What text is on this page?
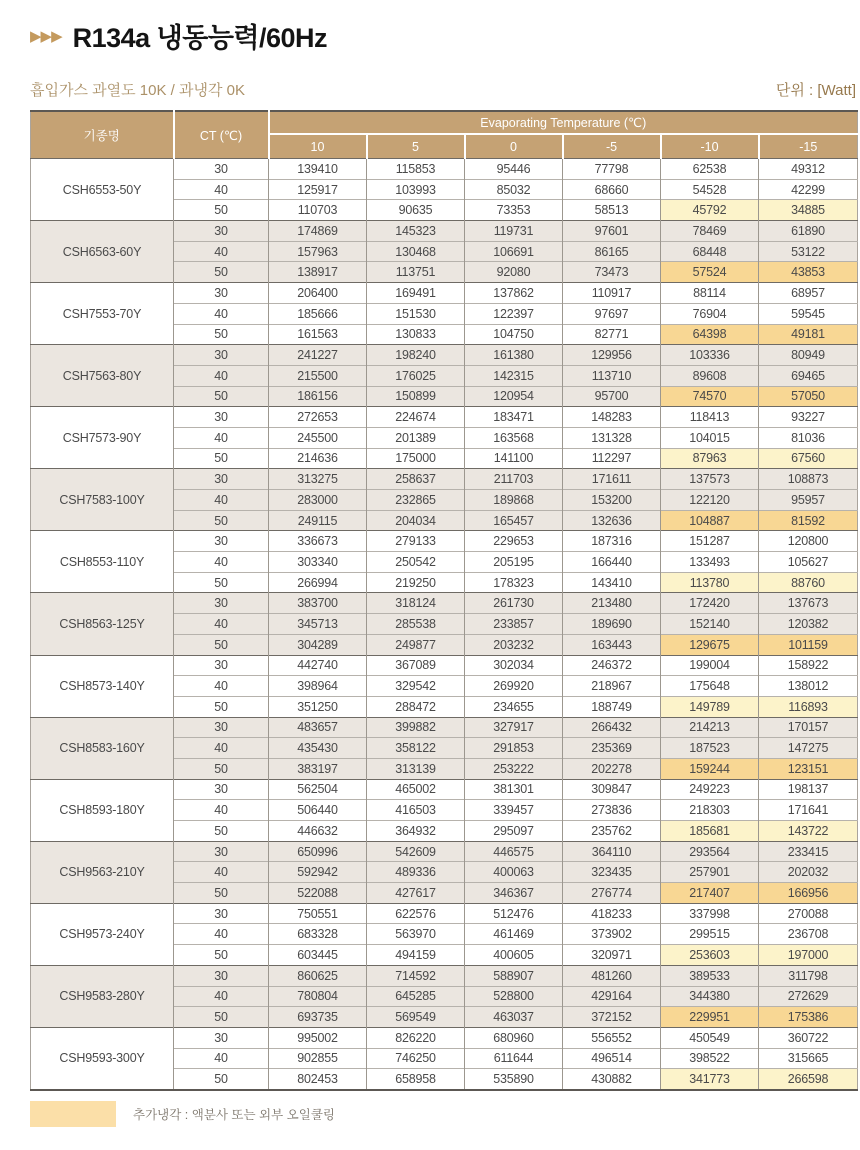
▶▶▶ R134a 냉동능력/60Hz
흡입가스 과열도 10K / 과냉각 0K	단위 : [Watt]
기종명	CT (℃)	Evaporating Temperature (℃)					
		10	5	0	-5	-10	-15
CSH6553-50Y	30	139410	115853	95446	77798	62538	49312
	40	125917	103993	85032	68660	54528	42299
	50	110703	90635	73353	58513	45792	34885
CSH6563-60Y	30	174869	145323	119731	97601	78469	61890
	40	157963	130468	106691	86165	68448	53122
	50	138917	113751	92080	73473	57524	43853
CSH7553-70Y	30	206400	169491	137862	110917	88114	68957
	40	185666	151530	122397	97697	76904	59545
	50	161563	130833	104750	82771	64398	49181
CSH7563-80Y	30	241227	198240	161380	129956	103336	80949
	40	215500	176025	142315	113710	89608	69465
	50	186156	150899	120954	95700	74570	57050
CSH7573-90Y	30	272653	224674	183471	148283	118413	93227
	40	245500	201389	163568	131328	104015	81036
	50	214636	175000	141100	112297	87963	67560
CSH7583-100Y	30	313275	258637	211703	171611	137573	108873
	40	283000	232865	189868	153200	122120	95957
	50	249115	204034	165457	132636	104887	81592
CSH8553-110Y	30	336673	279133	229653	187316	151287	120800
	40	303340	250542	205195	166440	133493	105627
	50	266994	219250	178323	143410	113780	88760
CSH8563-125Y	30	383700	318124	261730	213480	172420	137673
	40	345713	285538	233857	189690	152140	120382
	50	304289	249877	203232	163443	129675	101159
CSH8573-140Y	30	442740	367089	302034	246372	199004	158922
	40	398964	329542	269920	218967	175648	138012
	50	351250	288472	234655	188749	149789	116893
CSH8583-160Y	30	483657	399882	327917	266432	214213	170157
	40	435430	358122	291853	235369	187523	147275
	50	383197	313139	253222	202278	159244	123151
CSH8593-180Y	30	562504	465002	381301	309847	249223	198137
	40	506440	416503	339457	273836	218303	171641
	50	446632	364932	295097	235762	185681	143722
CSH9563-210Y	30	650996	542609	446575	364110	293564	233415
	40	592942	489336	400063	323435	257901	202032
	50	522088	427617	346367	276774	217407	166956
CSH9573-240Y	30	750551	622576	512476	418233	337998	270088
	40	683328	563970	461469	373902	299515	236708
	50	603445	494159	400605	320971	253603	197000
CSH9583-280Y	30	860625	714592	588907	481260	389533	311798
	40	780804	645285	528800	429164	344380	272629
	50	693735	569549	463037	372152	229951	175386
CSH9593-300Y	30	995002	826220	680960	556552	450549	360722
	40	902855	746250	611644	496514	398522	315665
	50	802453	658958	535890	430882	341773	266598
추가냉각 : 액분사 또는 외부 오일쿨링
